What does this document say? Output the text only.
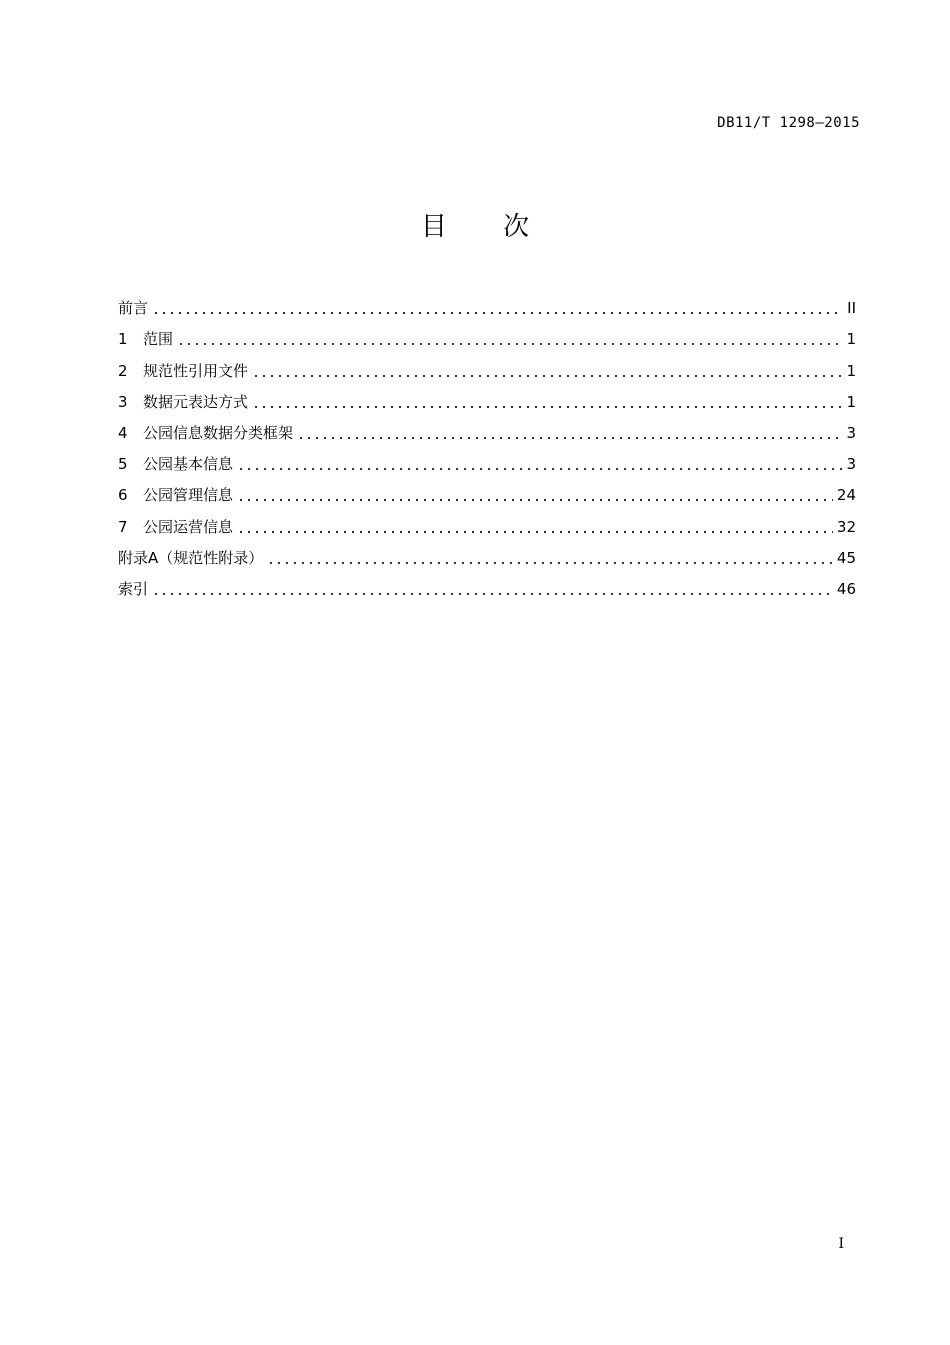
DB11/T 1298—2015
目 次
前言	II
1	范围	1
2	规范性引用文件	1
3	数据元表达方式	1
4	公园信息数据分类框架	3
5	公园基本信息	3
6	公园管理信息	24
7	公园运营信息	32
附录A（规范性附录）	45
索引	46
I
